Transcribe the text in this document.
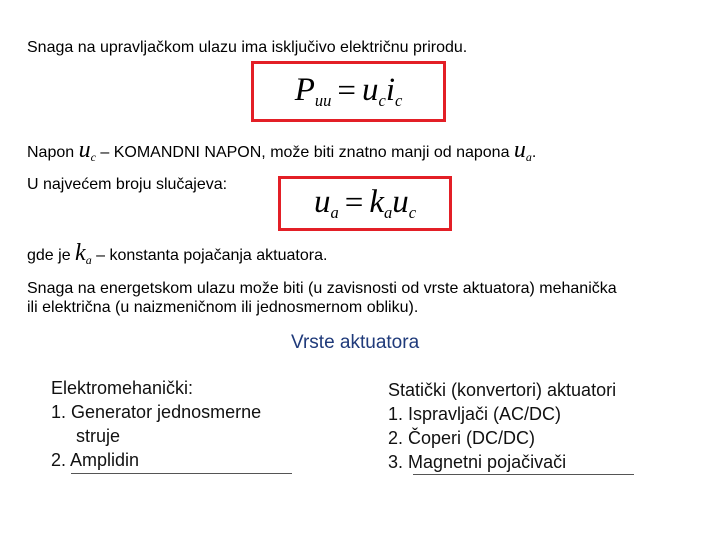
Snaga na upravljačkom ulazu ima isključivo električnu prirodu.
$P_{uu} = u_c$ $i_c$
Napon $u_c$ – KOMANDNI NAPON, može biti znatno manji od napona $u_a$.
U najvećem broju slučajeva:	$u_a = k_a$ $u_c$
gde je $k_a$ – konstanta pojačanja aktuatora.
Snaga na energetskom ulazu može biti (u zavisnosti od vrste aktuatora) mehanička
ili električna (u naizmeničnom ili jednosmernom obliku).
Vrste aktuatora
Elektromehanički:
1. Generator jednosmerne
struje
2. Amplidin
Statički (konvertori) aktuatori
1. Ispravljači (AC/DC)
2. Čoperi (DC/DC)
3. Magnetni pojačivači
